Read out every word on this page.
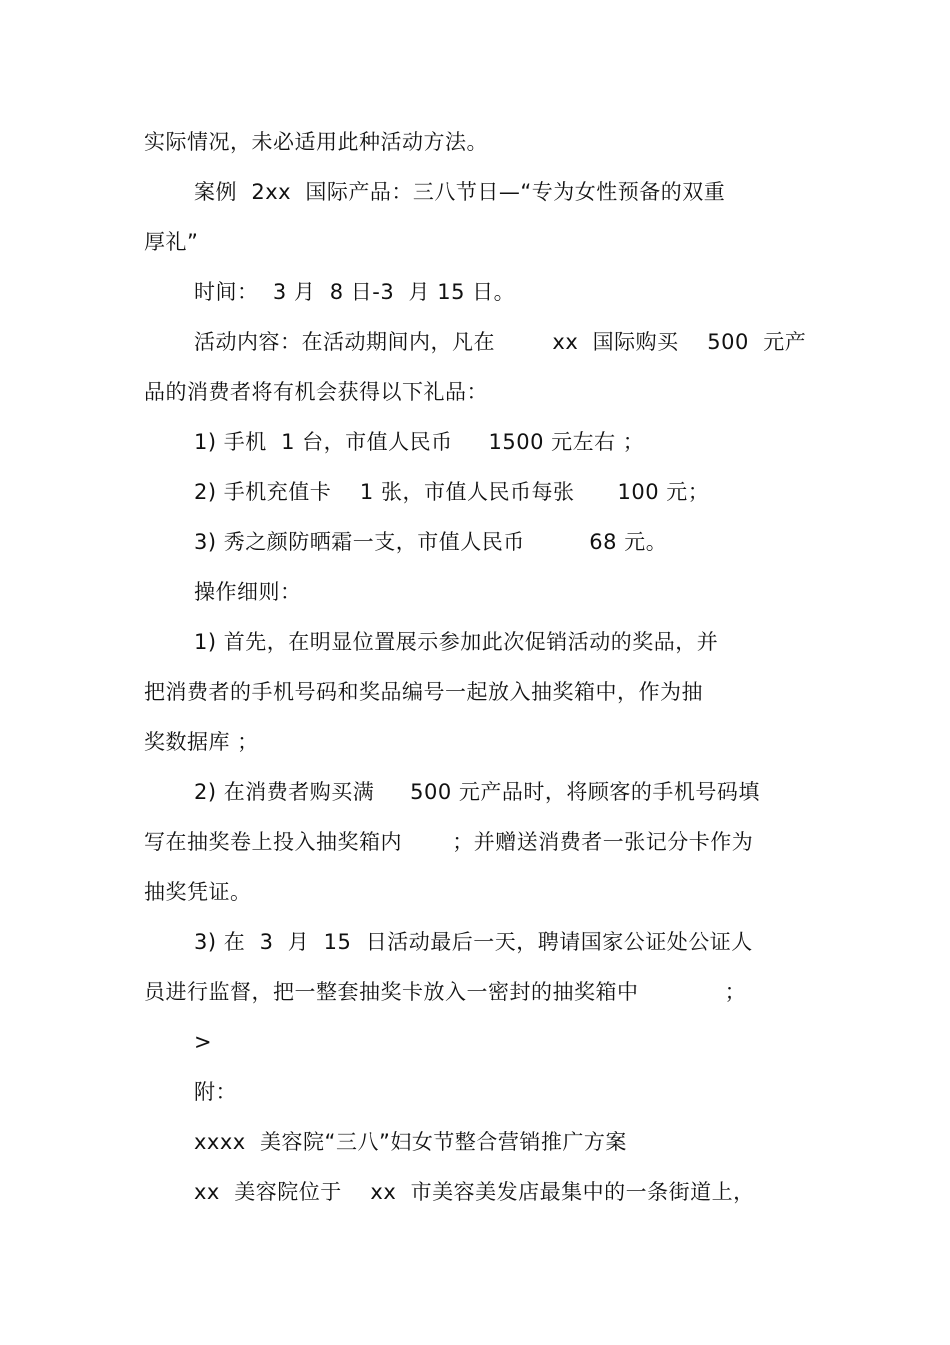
实际情况，未必适用此种活动方法。
案例  2xx  国际产品：三八节日—“专为女性预备的双重
厚礼”
时间：  3 月  8 日-3  月 15 日。
活动内容：在活动期间内，凡在        xx  国际购买    500  元产
品的消费者将有机会获得以下礼品：
1) 手机  1 台，市值人民币     1500 元左右 ；
2) 手机充值卡    1 张，市值人民币每张      100 元；
3) 秀之颜防晒霜一支，市值人民币         68 元。
操作细则：
1) 首先，在明显位置展示参加此次促销活动的奖品，并
把消费者的手机号码和奖品编号一起放入抽奖箱中，作为抽
奖数据库 ；
2) 在消费者购买满     500 元产品时，将顾客的手机号码填
写在抽奖卷上投入抽奖箱内       ；并赠送消费者一张记分卡作为
抽奖凭证。
3) 在  3  月  15  日活动最后一天，聘请国家公证处公证人
员进行监督，把一整套抽奖卡放入一密封的抽奖箱中            ；
>
附：
xxxx  美容院“三八”妇女节整合营销推广方案
xx  美容院位于    xx  市美容美发店最集中的一条街道上，
